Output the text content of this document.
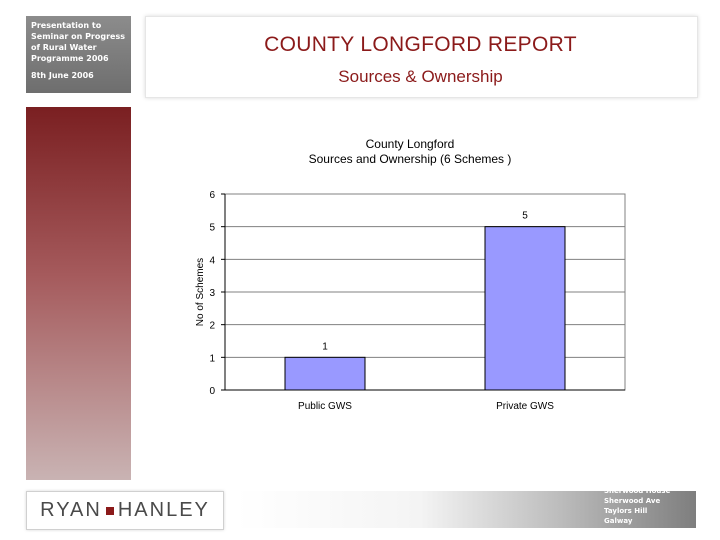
Presentation to
Seminar on Progress
of Rural Water
Programme 2006
8th June 2006
COUNTY LONGFORD REPORT
Sources & Ownership
County Longford
Sources and Ownership (6 Schemes )
0
1
2
3
4
5
6
1
Public GWS
5
Private GWS
No of Schemes
RYAN HANLEY
Sherwood House
Sherwood Ave
Taylors Hill
Galway
